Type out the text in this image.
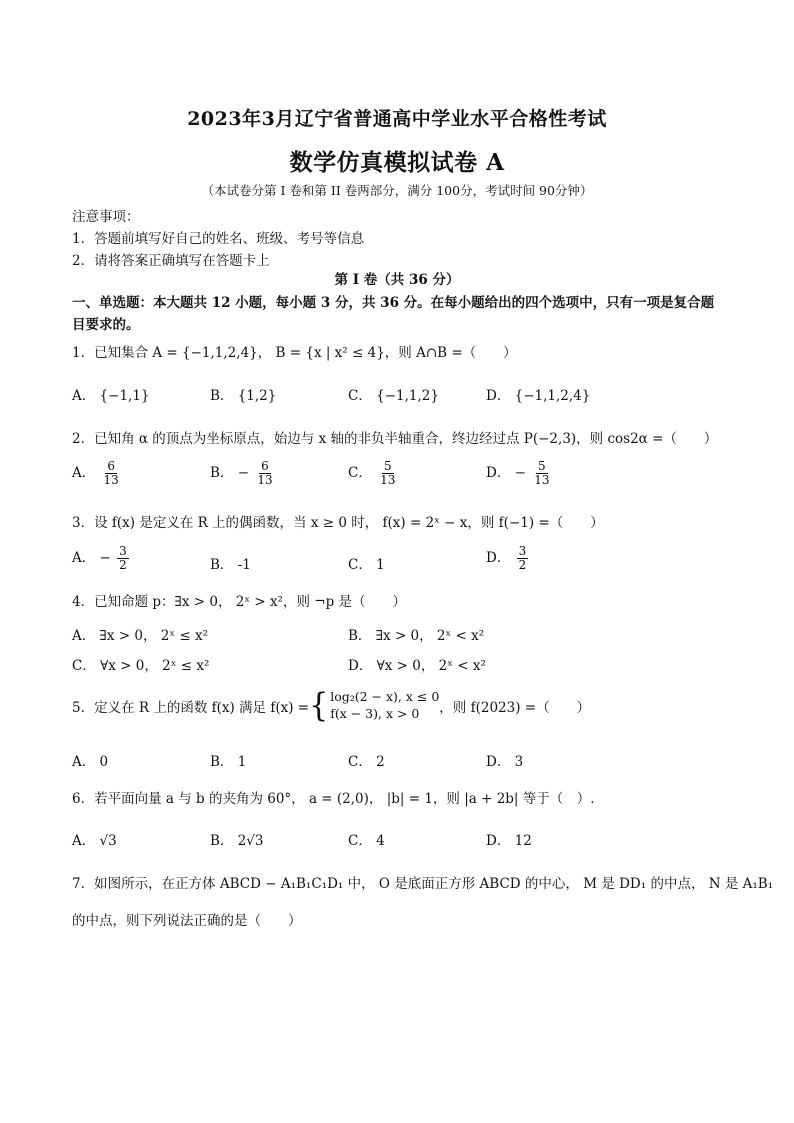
2023年3月辽宁省普通高中学业水平合格性考试
数学仿真模拟试卷 A
（本试卷分第 I 卷和第 II 卷两部分，满分 100分，考试时间 90分钟）
注意事项：
1．答题前填写好自己的姓名、班级、考号等信息
2．请将答案正确填写在答题卡上
第 I 卷（共 36 分）
一、单选题：本大题共 12 小题，每小题 3 分，共 36 分。在每小题给出的四个选项中，只有一项是复合题
目要求的。
1．已知集合 A = {−1,1,2,4}， B = {x | x² ≤ 4}，则 A∩B =（　　）
A． {−1,1}	B． {1,2}	C． {−1,1,2}	D． {−1,1,2,4}
2．已知角 α 的顶点为坐标原点，始边与 x 轴的非负半轴重合，终边经过点 P(−2,3)，则 cos2α =（　　）
A． $\frac{6}{13}$	B． − $\frac{6}{13}$	C． $\frac{5}{13}$	D． − $\frac{5}{13}$
3．设 f(x) 是定义在 R 上的偶函数，当 x ≥ 0 时， f(x) = 2ˣ − x，则 f(−1) =（　　）
A． − $\frac{3}{2}$	B． -1	C． 1	D． $\frac{3}{2}$
4．已知命题 p：∃x > 0， 2ˣ > x²，则 ¬p 是（　　）
A． ∃x > 0， 2ˣ ≤ x²	B． ∃x > 0， 2ˣ < x²
C． ∀x > 0， 2ˣ ≤ x²	D． ∀x > 0， 2ˣ < x²
5．定义在 R 上的函数 f(x) 满足 f(x) = { log₂(2 − x), x ≤ 0
f(x − 3), x > 0	，则 f(2023) =（　　）
A． 0	B． 1	C． 2	D． 3
6．若平面向量 a 与 b 的夹角为 60°， a = (2,0)， |b| = 1，则 |a + 2b| 等于（　）.
A． √3	B． 2√3	C． 4	D． 12
7．如图所示，在正方体 ABCD − A₁B₁C₁D₁ 中， O 是底面正方形 ABCD 的中心， M 是 DD₁ 的中点， N 是 A₁B₁
的中点，则下列说法正确的是（　　）
